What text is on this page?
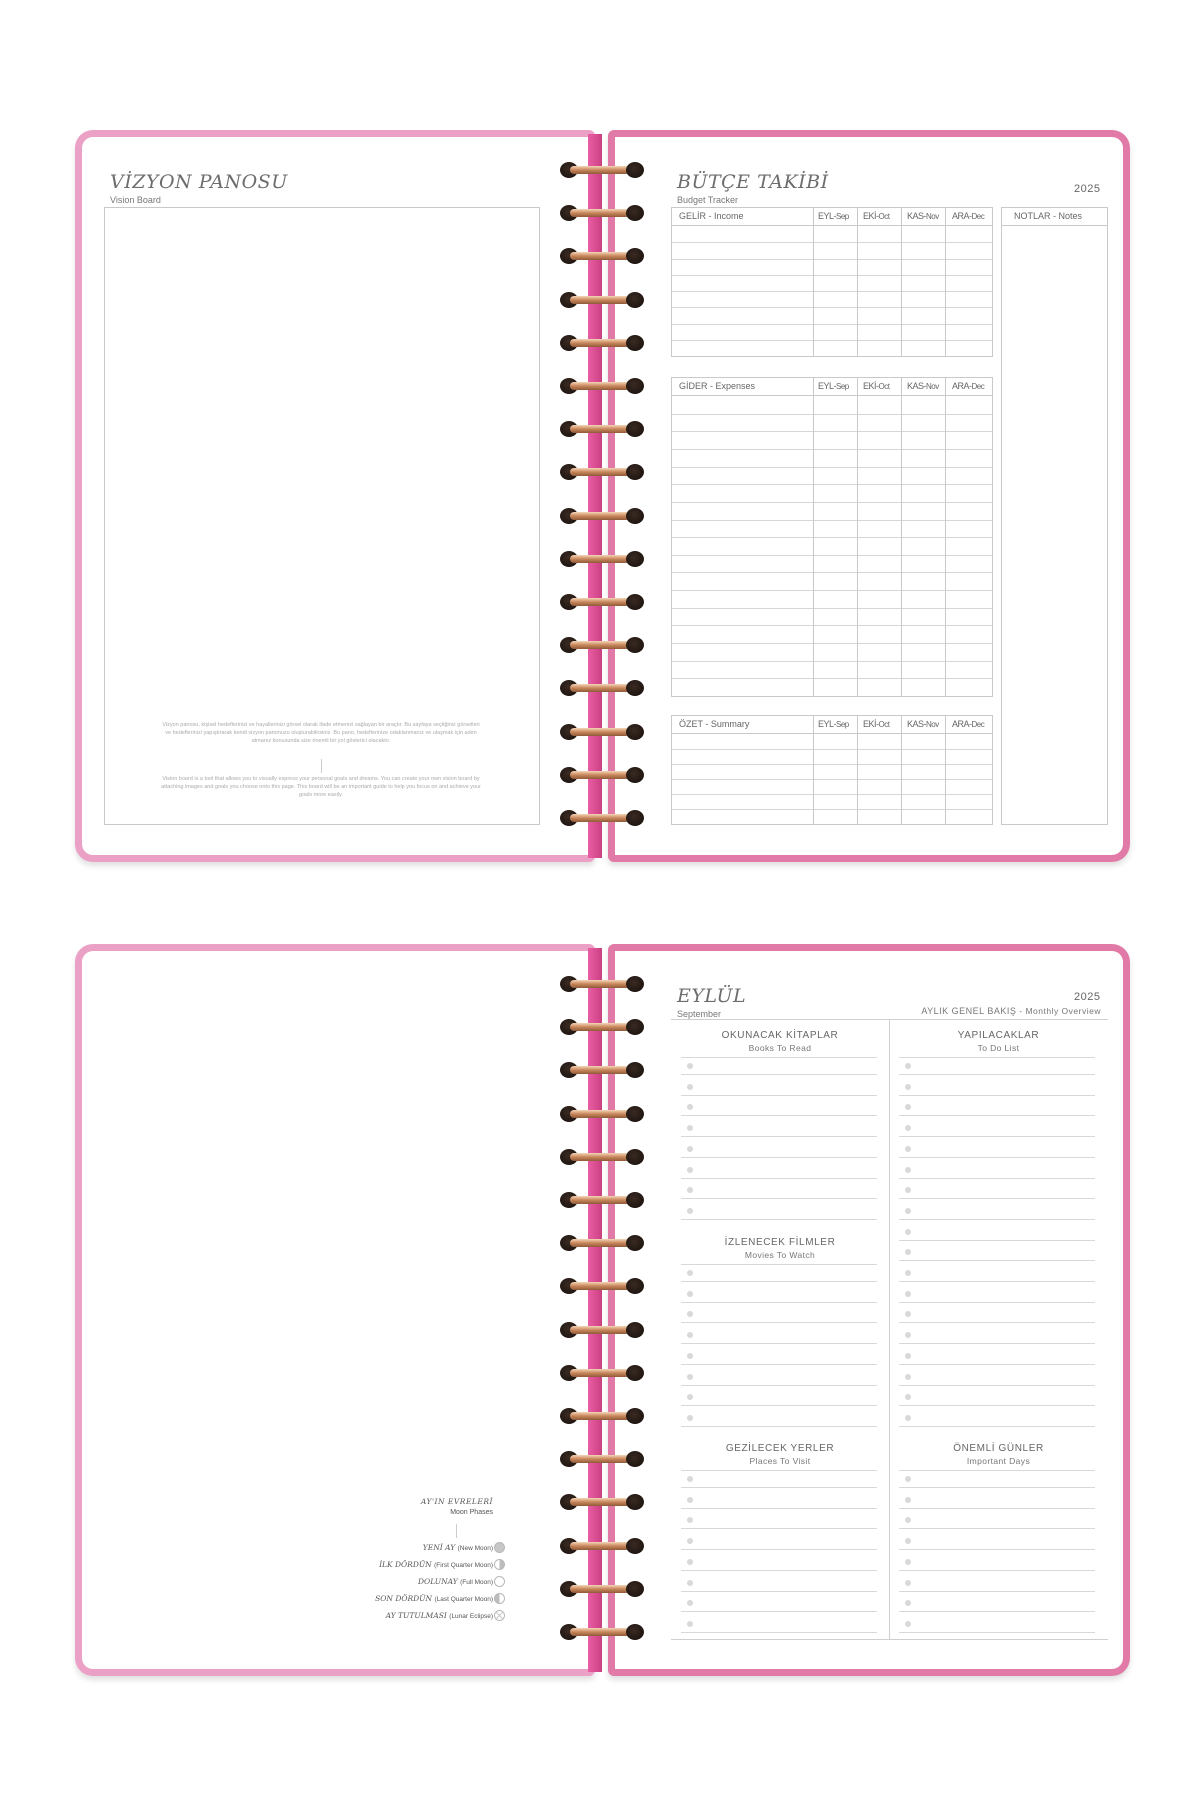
VİZYON PANOSU
Vision Board
Vizyon panosu, kişisel hedeflerinizi ve hayallerinizi görsel olarak ifade etmenizi sağlayan bir araçtır. Bu sayfaya seçtiğiniz görselleri ve hedeflerinizi yapıştırarak kendi vizyon panonuzu oluşturabilirsiniz. Bu pano, hedeflerinize odaklanmanız ve ulaşmak için adım atmanız konusunda size önemli bir yol gösterici olacaktır.
Vision board is a tool that allows you to visually express your personal goals and dreams. You can create your own vision board by attaching images and goals you choose onto this page. This board will be an important guide to help you focus on and achieve your goals more easily.
BÜTÇE TAKİBİ
Budget Tracker
2025
GELİR - Income	EYL-Sep EKİ-Oct KAS-Nov ARA-Dec
GİDER - Expenses	EYL-Sep EKİ-Oct KAS-Nov ARA-Dec
ÖZET - Summary	EYL-Sep EKİ-Oct KAS-Nov ARA-Dec
NOTLAR - Notes
AY'IN EVRELERİ
Moon Phases
YENİ AY (New Moon)
İLK DÖRDÜN (First Quarter Moon)
DOLUNAY (Full Moon)
SON DÖRDÜN (Last Quarter Moon)
AY TUTULMASI (Lunar Eclipse)
EYLÜL
September
2025
AYLIK GENEL BAKIŞ - Monthly Overview
OKUNACAK KİTAPLAR
Books To Read
YAPILACAKLAR
To Do List
İZLENECEK FİLMLER
Movies To Watch
GEZİLECEK YERLER
Places To Visit
ÖNEMLİ GÜNLER
Important Days
